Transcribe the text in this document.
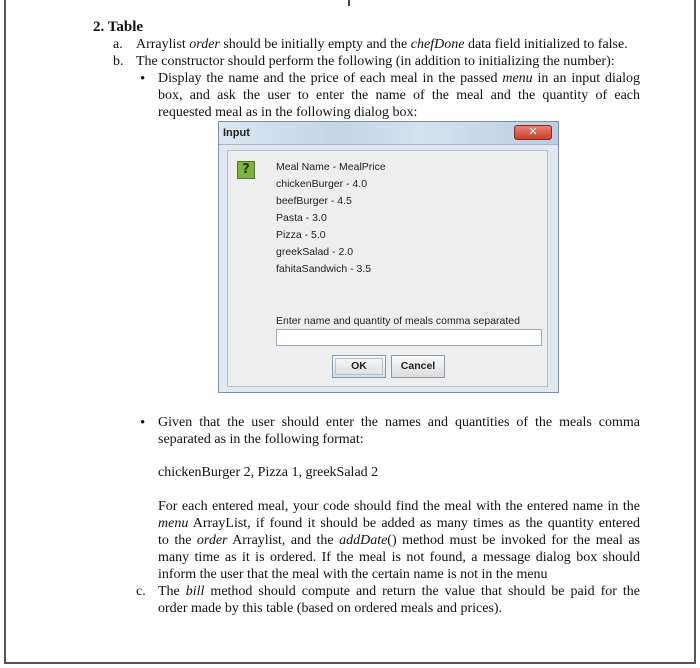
2. Table
a. Arraylist order should be initially empty and the chefDone data field initialized to false.
b. The constructor should perform the following (in addition to initializing the number):
• Display the name and the price of each meal in the passed menu in an input dialog
box, and ask the user to enter the name of the meal and the quantity of each
requested meal as in the following dialog box:
Input	✕
? Meal Name - MealPrice
chickenBurger - 4.0
beefBurger - 4.5
Pasta - 3.0
Pizza - 5.0
greekSalad - 2.0
fahitaSandwich - 3.5
Enter name and quantity of meals comma separated
OK	Cancel
• Given that the user should enter the names and quantities of the meals comma
separated as in the following format:
chickenBurger 2, Pizza 1, greekSalad 2
For each entered meal, your code should find the meal with the entered name in the
menu ArrayList, if found it should be added as many times as the quantity entered
to the order Arraylist, and the addDate() method must be invoked for the meal as
many time as it is ordered. If the meal is not found, a message dialog box should
inform the user that the meal with the certain name is not in the menu
c. The bill method should compute and return the value that should be paid for the
order made by this table (based on ordered meals and prices).
